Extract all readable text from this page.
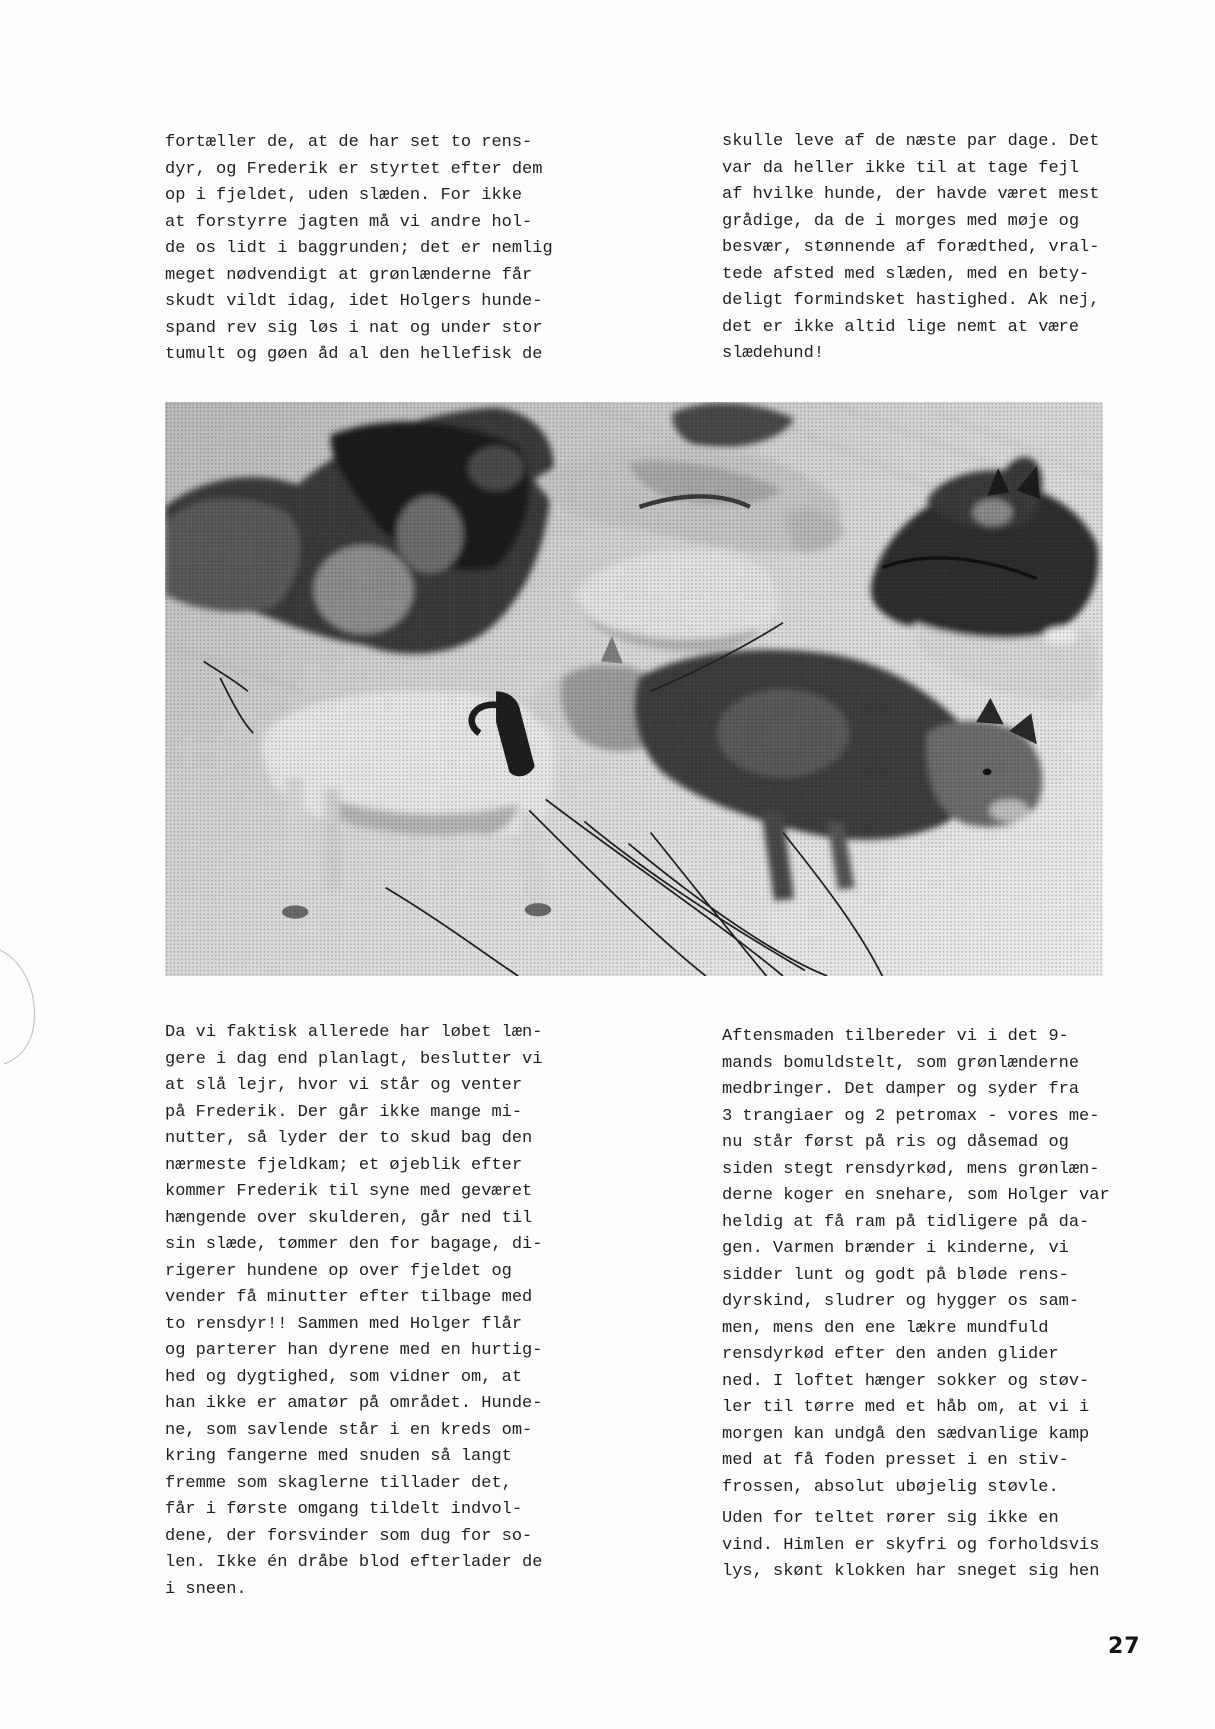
fortæller de, at de har set to rens-
dyr, og Frederik er styrtet efter dem
op i fjeldet, uden slæden. For ikke
at forstyrre jagten må vi andre hol-
de os lidt i baggrunden; det er nemlig
meget nødvendigt at grønlænderne får
skudt vildt idag, idet Holgers hunde-
spand rev sig løs i nat og under stor
tumult og gøen åd al den hellefisk de
skulle leve af de næste par dage. Det
var da heller ikke til at tage fejl
af hvilke hunde, der havde været mest
grådige, da de i morges med møje og
besvær, stønnende af forædthed, vral-
tede afsted med slæden, med en bety-
deligt formindsket hastighed. Ak nej,
det er ikke altid lige nemt at være
slædehund!
Da vi faktisk allerede har løbet læn-
gere i dag end planlagt, beslutter vi
at slå lejr, hvor vi står og venter
på Frederik. Der går ikke mange mi-
nutter, så lyder der to skud bag den
nærmeste fjeldkam; et øjeblik efter
kommer Frederik til syne med geværet
hængende over skulderen, går ned til
sin slæde, tømmer den for bagage, di-
rigerer hundene op over fjeldet og
vender få minutter efter tilbage med
to rensdyr!! Sammen med Holger flår
og parterer han dyrene med en hurtig-
hed og dygtighed, som vidner om, at
han ikke er amatør på området. Hunde-
ne, som savlende står i en kreds om-
kring fangerne med snuden så langt
fremme som skaglerne tillader det,
får i første omgang tildelt indvol-
dene, der forsvinder som dug for so-
len. Ikke én dråbe blod efterlader de
i sneen.
Aftensmaden tilbereder vi i det 9-
mands bomuldstelt, som grønlænderne
medbringer. Det damper og syder fra
3 trangiaer og 2 petromax - vores me-
nu står først på ris og dåsemad og
siden stegt rensdyrkød, mens grønlæn-
derne koger en snehare, som Holger var
heldig at få ram på tidligere på da-
gen. Varmen brænder i kinderne, vi
sidder lunt og godt på bløde rens-
dyrskind, sludrer og hygger os sam-
men, mens den ene lækre mundfuld
rensdyrkød efter den anden glider
ned. I loftet hænger sokker og støv-
ler til tørre med et håb om, at vi i
morgen kan undgå den sædvanlige kamp
med at få foden presset i en stiv-
frossen, absolut ubøjelig støvle.
Uden for teltet rører sig ikke en
vind. Himlen er skyfri og forholdsvis
lys, skønt klokken har sneget sig hen
27
